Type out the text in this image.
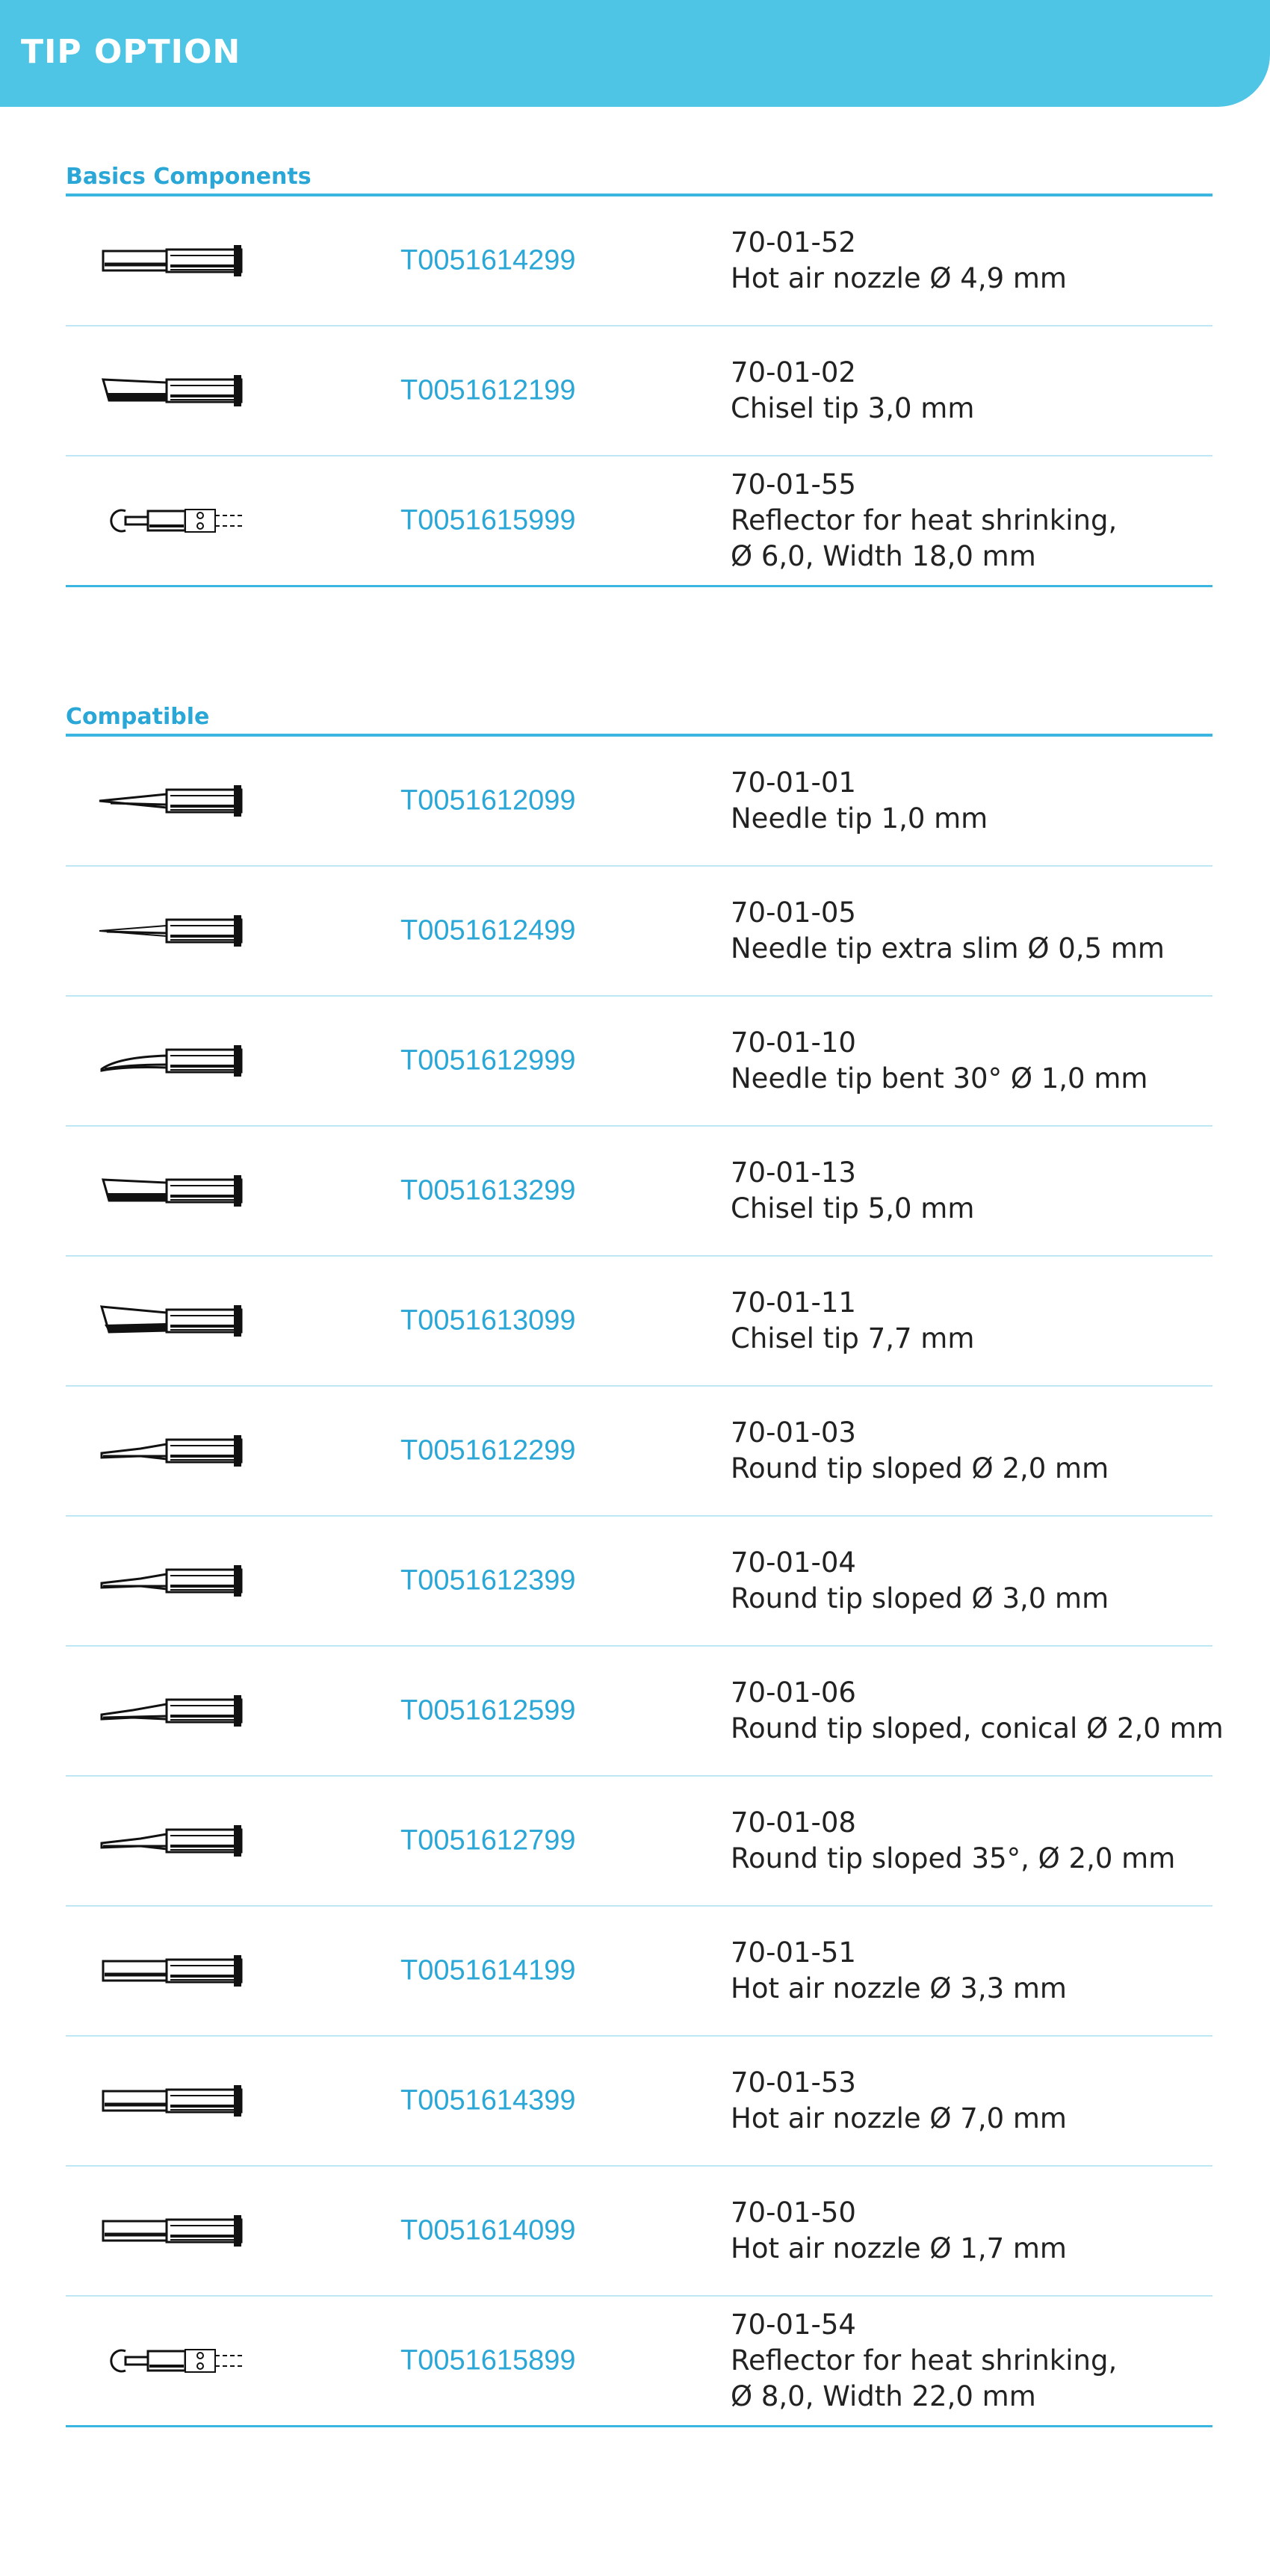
TIP OPTION
Basics Components
T0051614299
70-01-52
Hot air nozzle Ø 4,9 mm
T0051612199
70-01-02
Chisel tip 3,0 mm
T0051615999
70-01-55
Reflector for heat shrinking,
Ø 6,0, Width 18,0 mm
Compatible
T0051612099
70-01-01
Needle tip 1,0 mm
T0051612499
70-01-05
Needle tip extra slim Ø 0,5 mm
T0051612999
70-01-10
Needle tip bent 30° Ø 1,0 mm
T0051613299
70-01-13
Chisel tip 5,0 mm
T0051613099
70-01-11
Chisel tip 7,7 mm
T0051612299
70-01-03
Round tip sloped Ø 2,0 mm
T0051612399
70-01-04
Round tip sloped Ø 3,0 mm
T0051612599
70-01-06
Round tip sloped, conical Ø 2,0 mm
T0051612799
70-01-08
Round tip sloped 35°, Ø 2,0 mm
T0051614199
70-01-51
Hot air nozzle Ø 3,3 mm
T0051614399
70-01-53
Hot air nozzle Ø 7,0 mm
T0051614099
70-01-50
Hot air nozzle Ø 1,7 mm
T0051615899
70-01-54
Reflector for heat shrinking,
Ø 8,0, Width 22,0 mm
